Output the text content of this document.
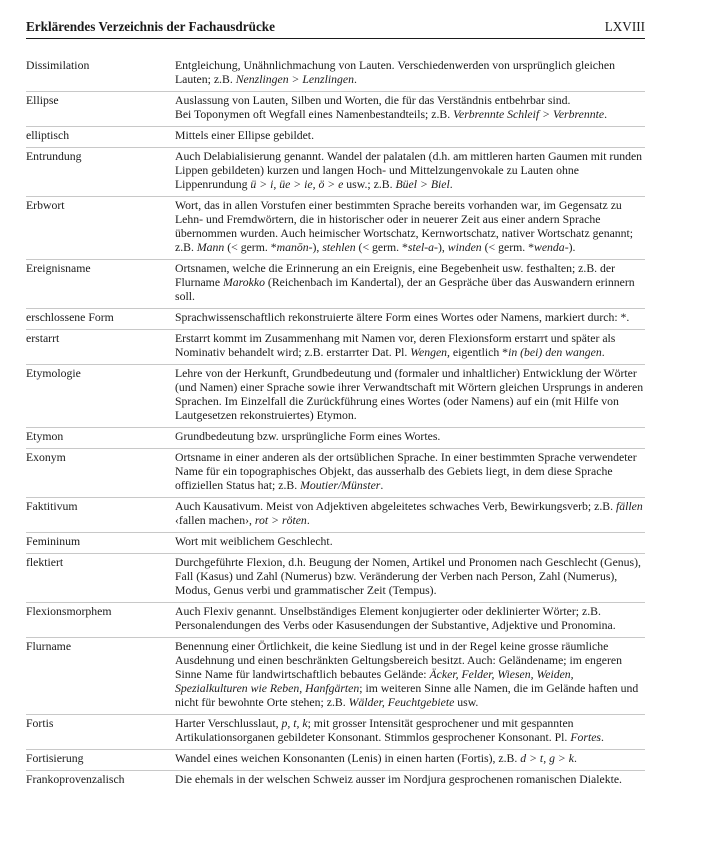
Erklärendes Verzeichnis der Fachausdrücke	LXVIII
Dissimilation	Entgleichung, Unähnlichmachung von Lauten. Verschiedenwerden von ursprünglich gleichen Lauten; z.B. Nenzlingen > Lenzlingen.
Ellipse	Auslassung von Lauten, Silben und Worten, die für das Verständnis entbehrbar sind.
Bei Toponymen oft Wegfall eines Namenbestandteils; z.B. Verbrennte Schleif > Verbrennte.
elliptisch	Mittels einer Ellipse gebildet.
Entrundung	Auch Delabialisierung genannt. Wandel der palatalen (d.h. am mittleren harten Gaumen mit runden Lippen gebildeten) kurzen und langen Hoch- und Mittelzungenvokale zu Lauten ohne Lippenrundung ü > i, üe > ie, ö > e usw.; z.B. Büel > Biel.
Erbwort	Wort, das in allen Vorstufen einer bestimmten Sprache bereits vorhanden war, im Gegensatz zu Lehn- und Fremdwörtern, die in historischer oder in neuerer Zeit aus einer andern Sprache übernommen wurden. Auch heimischer Wortschatz, Kernwortschatz, nativer Wortschatz genannt; z.B. Mann (< germ. *manōn-), stehlen (< germ. *stel-a-), winden (< germ. *wenda-).
Ereignisname	Ortsnamen, welche die Erinnerung an ein Ereignis, eine Begebenheit usw. festhalten; z.B. der Flurname Marokko (Reichenbach im Kandertal), der an Gespräche über das Auswandern erinnern soll.
erschlossene Form	Sprachwissenschaftlich rekonstruierte ältere Form eines Wortes oder Namens, markiert durch: *.
erstarrt	Erstarrt kommt im Zusammenhang mit Namen vor, deren Flexionsform erstarrt und später als Nominativ behandelt wird; z.B. erstarrter Dat. Pl. Wengen, eigentlich *in (bei) den wangen.
Etymologie	Lehre von der Herkunft, Grundbedeutung und (formaler und inhaltlicher) Entwicklung der Wörter (und Namen) einer Sprache sowie ihrer Verwandtschaft mit Wörtern gleichen Ursprungs in anderen Sprachen. Im Einzelfall die Zurückführung eines Wortes (oder Namens) auf ein (mit Hilfe von Lautgesetzen rekonstruiertes) Etymon.
Etymon	Grundbedeutung bzw. ursprüngliche Form eines Wortes.
Exonym	Ortsname in einer anderen als der ortsüblichen Sprache. In einer bestimmten Sprache verwendeter Name für ein topographisches Objekt, das ausserhalb des Gebiets liegt, in dem diese Sprache offiziellen Status hat; z.B. Moutier/Münster.
Faktitivum	Auch Kausativum. Meist von Adjektiven abgeleitetes schwaches Verb, Bewirkungsverb; z.B. fällen ‹fallen machen›, rot > röten.
Femininum	Wort mit weiblichem Geschlecht.
flektiert	Durchgeführte Flexion, d.h. Beugung der Nomen, Artikel und Pronomen nach Geschlecht (Genus), Fall (Kasus) und Zahl (Numerus) bzw. Veränderung der Verben nach Person, Zahl (Numerus), Modus, Genus verbi und grammatischer Zeit (Tempus).
Flexionsmorphem	Auch Flexiv genannt. Unselbständiges Element konjugierter oder deklinierter Wörter; z.B. Personalendungen des Verbs oder Kasusendungen der Substantive, Adjektive und Pronomina.
Flurname	Benennung einer Örtlichkeit, die keine Siedlung ist und in der Regel keine grosse räumliche Ausdehnung und einen beschränkten Geltungsbereich besitzt. Auch: Geländename; im engeren Sinne Name für landwirtschaftlich bebautes Gelände: Äcker, Felder, Wiesen, Weiden, Spezialkulturen wie Reben, Hanfgärten; im weiteren Sinne alle Namen, die im Gelände haften und nicht für bewohnte Orte stehen; z.B. Wälder, Feuchtgebiete usw.
Fortis	Harter Verschlusslaut, p, t, k; mit grosser Intensität gesprochener und mit gespannten Artikulationsorganen gebildeter Konsonant. Stimmlos gesprochener Konsonant. Pl. Fortes.
Fortisierung	Wandel eines weichen Konsonanten (Lenis) in einen harten (Fortis), z.B. d > t, g > k.
Frankoprovenzalisch	Die ehemals in der welschen Schweiz ausser im Nordjura gesprochenen romanischen Dialekte.
